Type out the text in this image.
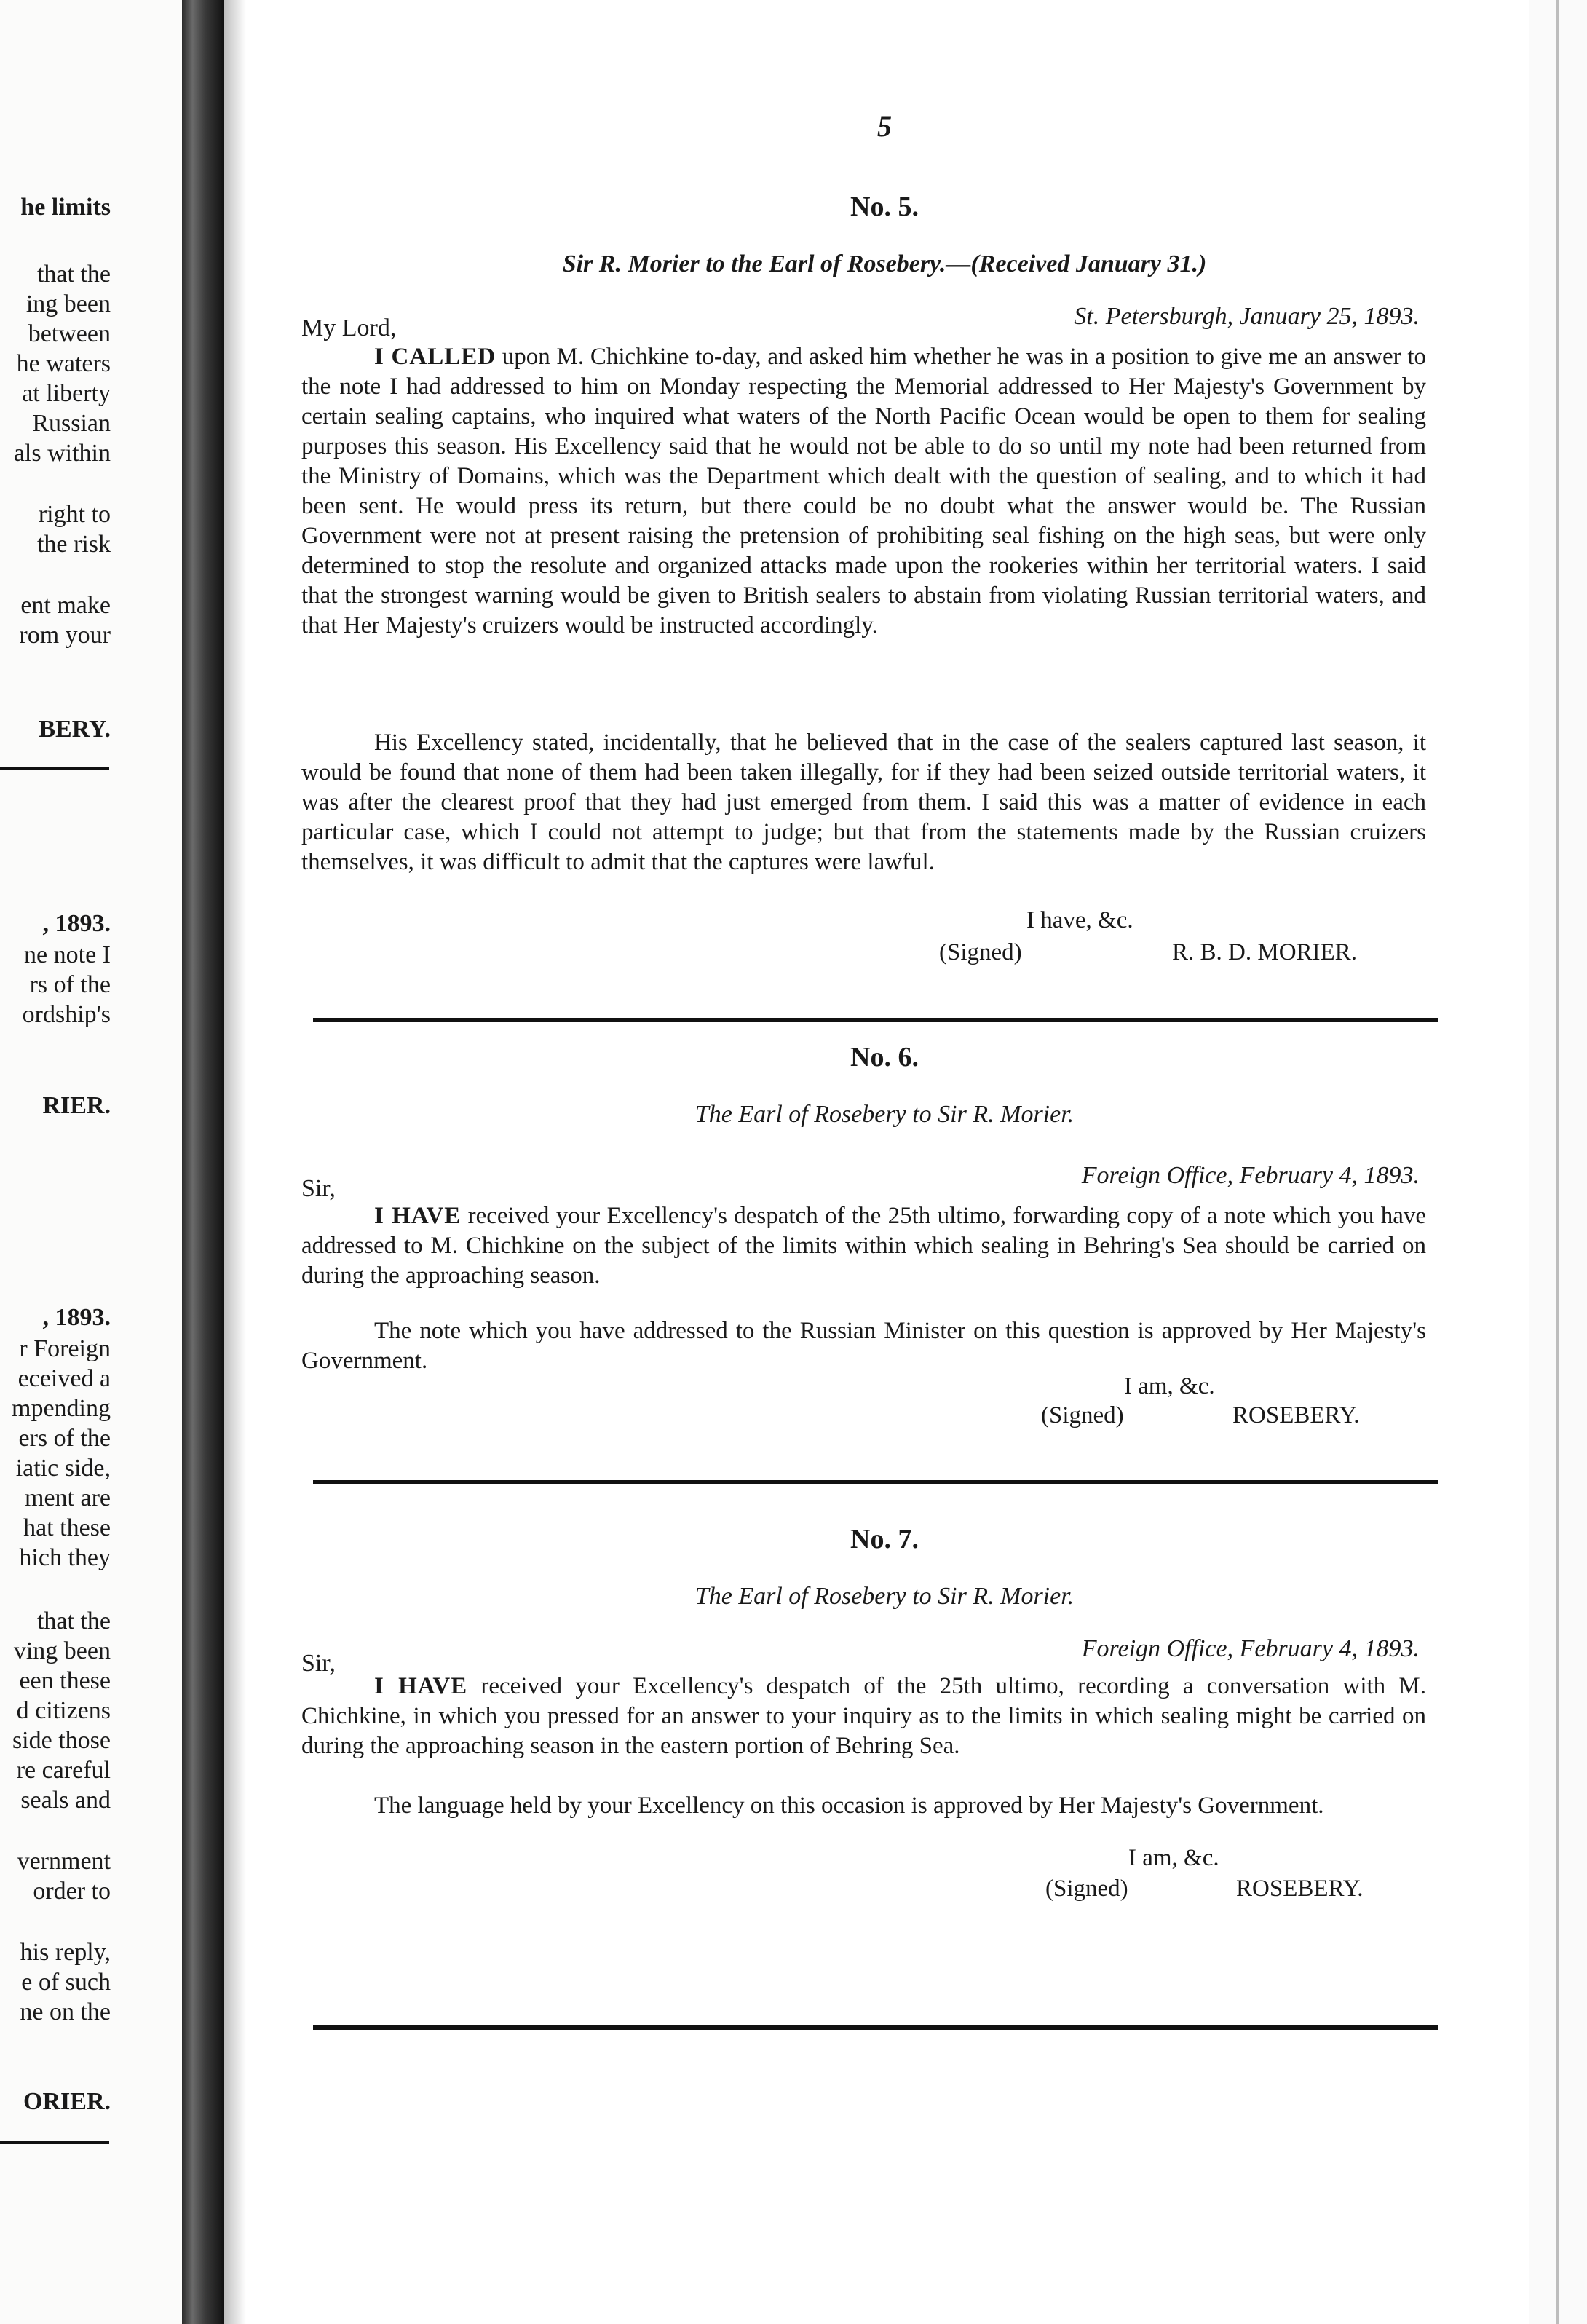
he limits
that the
ing been
between
he waters
at liberty
Russian
als within
right to
the risk
ent make
rom your
BERY.
, 1893.
ne note I
rs of the
ordship's
RIER.
, 1893.
r Foreign
eceived a
mpending
ers of the
iatic side,
ment are
hat these
hich they
that the
ving been
een these
d citizens
side those
re careful
seals and
vernment
order to
his reply,
e of such
ne on the
ORIER.
5
No. 5.
Sir R. Morier to the Earl of Rosebery.—(Received January 31.)
My Lord,	St. Petersburgh, January 25, 1893.
I CALLED upon M. Chichkine to-day, and asked him whether he was in a position to give me an answer to the note I had addressed to him on Monday respecting the Memorial addressed to Her Majesty's Government by certain sealing captains, who inquired what waters of the North Pacific Ocean would be open to them for sealing purposes this season. His Excellency said that he would not be able to do so until my note had been returned from the Ministry of Domains, which was the Department which dealt with the question of sealing, and to which it had been sent. He would press its return, but there could be no doubt what the answer would be. The Russian Government were not at present raising the pretension of prohibiting seal fishing on the high seas, but were only determined to stop the resolute and organized attacks made upon the rookeries within her territorial waters. I said that the strongest warning would be given to British sealers to abstain from violating Russian territorial waters, and that Her Majesty's cruizers would be instructed accordingly.
His Excellency stated, incidentally, that he believed that in the case of the sealers captured last season, it would be found that none of them had been taken illegally, for if they had been seized outside territorial waters, it was after the clearest proof that they had just emerged from them. I said this was a matter of evidence in each particular case, which I could not attempt to judge; but that from the statements made by the Russian cruizers themselves, it was difficult to admit that the captures were lawful.
I have, &c.
(Signed)	R. B. D. MORIER.
No. 6.
The Earl of Rosebery to Sir R. Morier.
Foreign Office, February 4, 1893.
Sir,
I HAVE received your Excellency's despatch of the 25th ultimo, forwarding copy of a note which you have addressed to M. Chichkine on the subject of the limits within which sealing in Behring's Sea should be carried on during the approaching season.
The note which you have addressed to the Russian Minister on this question is approved by Her Majesty's Government.
I am, &c.
(Signed)	ROSEBERY.
No. 7.
The Earl of Rosebery to Sir R. Morier.
Foreign Office, February 4, 1893.
Sir,
I HAVE received your Excellency's despatch of the 25th ultimo, recording a conversation with M. Chichkine, in which you pressed for an answer to your inquiry as to the limits in which sealing might be carried on during the approaching season in the eastern portion of Behring Sea.
The language held by your Excellency on this occasion is approved by Her Majesty's Government.
I am, &c.
(Signed)	ROSEBERY.
